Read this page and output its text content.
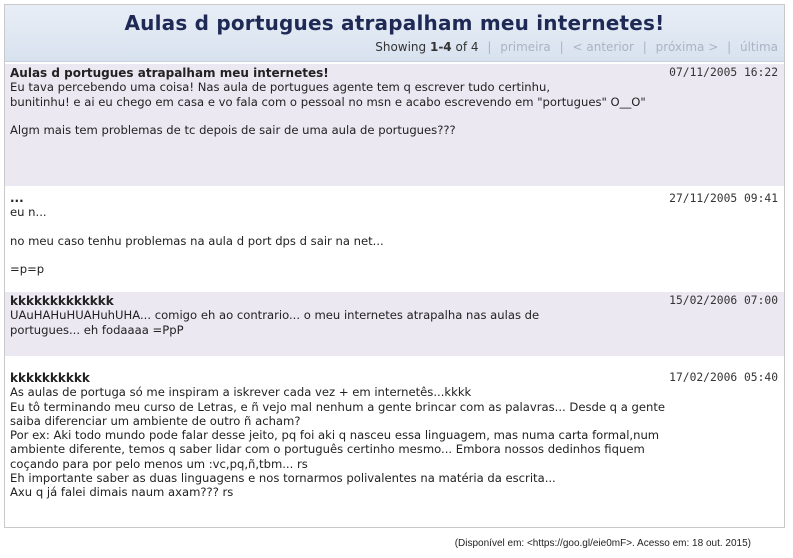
Aulas d portugues atrapalham meu internetes!
Showing 1-4 of 4 | primeira | < anterior | próxima > | última
Aulas d portugues atrapalham meu internetes!	07/11/2005 16:22

Eu tava percebendo uma coisa! Nas aula de portugues agente tem q escrever tudo certinhu,
bunitinhu! e ai eu chego em casa e vo fala com o pessoal no msn e acabo escrevendo em "portugues" O__O"

Algm mais tem problemas de tc depois de sair de uma aula de portugues???

...	27/11/2005 09:41

eu n...

no meu caso tenhu problemas na aula d port dps d sair na net...

=p=p

kkkkkkkkkkkkk	15/02/2006 07:00

UAuHAHuHUAHuhUHA... comigo eh ao contrario... o meu internetes atrapalha nas aulas de
portugues... eh fodaaaa =PpP

kkkkkkkkkk	17/02/2006 05:40

As aulas de portuga só me inspiram a iskrever cada vez + em internetês...kkkk
Eu tô terminando meu curso de Letras, e ñ vejo mal nenhum a gente brincar com as palavras... Desde q a gente
saiba diferenciar um ambiente de outro ñ acham?
Por ex: Aki todo mundo pode falar desse jeito, pq foi aki q nasceu essa linguagem, mas numa carta formal,num
ambiente diferente, temos q saber lidar com o português certinho mesmo... Embora nossos dedinhos fiquem
coçando para por pelo menos um :vc,pq,ñ,tbm... rs
Eh importante saber as duas linguagens e nos tornarmos polivalentes na matéria da escrita...
Axu q já falei dimais naum axam??? rs

(Disponível em: <https://goo.gl/eie0mF>. Acesso em: 18 out. 2015)
